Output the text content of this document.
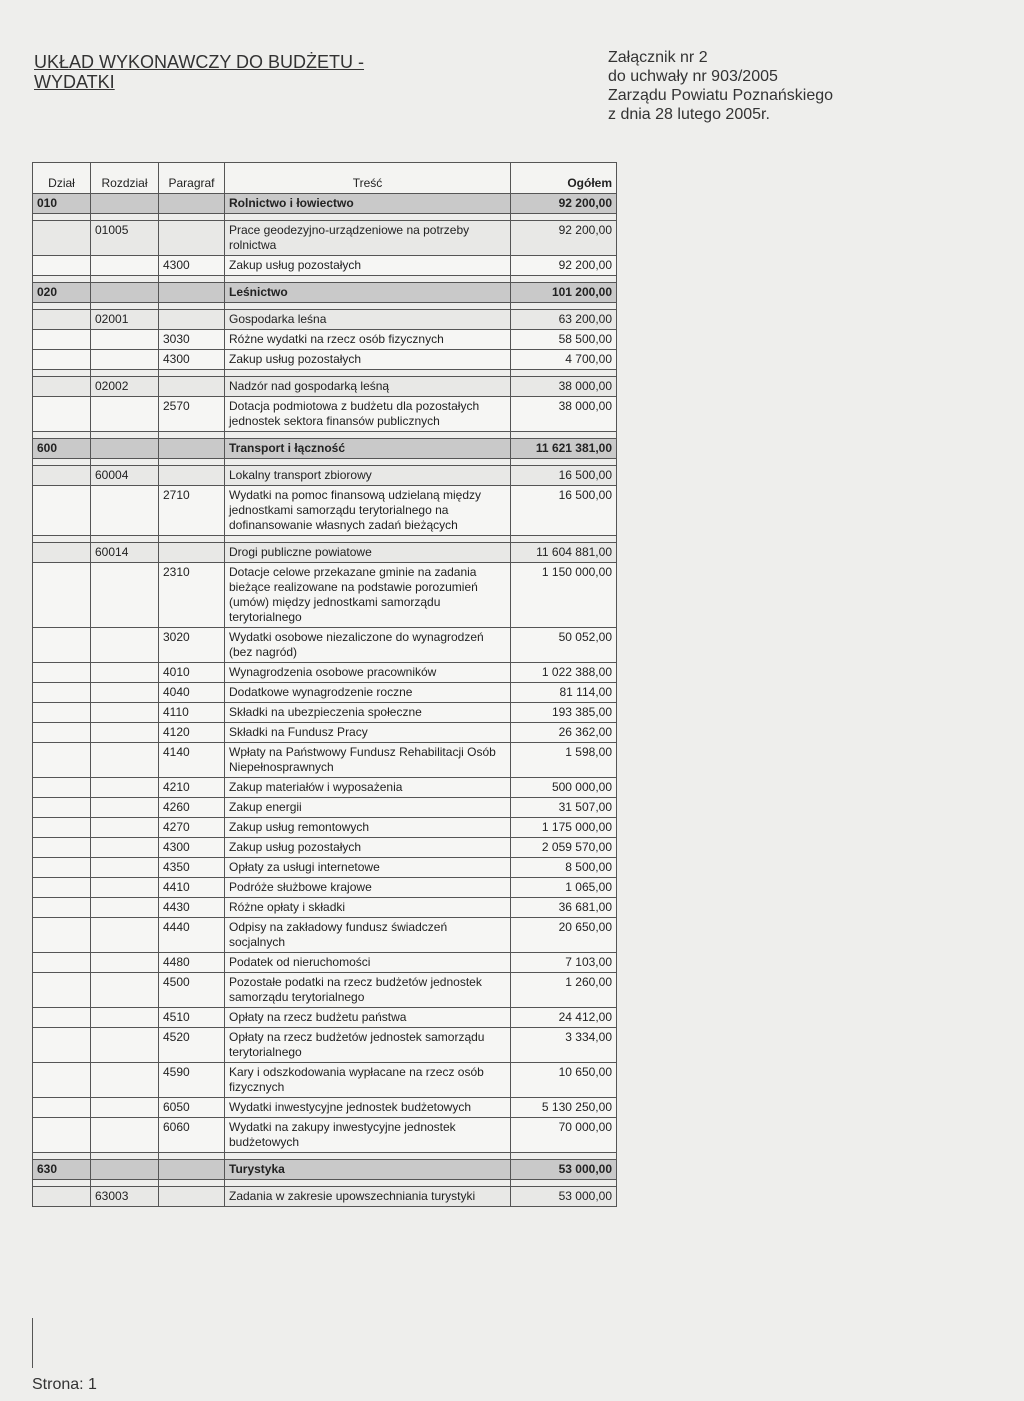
UKŁAD WYKONAWCZY DO BUDŻETU -
WYDATKI
Załącznik nr 2
do uchwały nr 903/2005
Zarządu Powiatu Poznańskiego
z dnia 28 lutego 2005r.
Dział	Rozdział	Paragraf	Treść	Ogółem
010			Rolnictwo i łowiectwo	92 200,00

	01005		Prace geodezyjno-urządzeniowe na potrzeby rolnictwa	92 200,00
		4300	Zakup usług pozostałych	92 200,00

020			Leśnictwo	101 200,00

	02001		Gospodarka leśna	63 200,00
		3030	Różne wydatki na rzecz osób fizycznych	58 500,00
		4300	Zakup usług pozostałych	4 700,00

	02002		Nadzór nad gospodarką leśną	38 000,00
		2570	Dotacja podmiotowa z budżetu dla pozostałych jednostek sektora finansów publicznych	38 000,00

600			Transport i łączność	11 621 381,00

	60004		Lokalny transport zbiorowy	16 500,00
		2710	Wydatki na pomoc finansową udzielaną między jednostkami samorządu terytorialnego na dofinansowanie własnych zadań bieżących	16 500,00

	60014		Drogi publiczne powiatowe	11 604 881,00
		2310	Dotacje celowe przekazane gminie na zadania bieżące realizowane na podstawie porozumień (umów) między jednostkami samorządu terytorialnego	1 150 000,00
		3020	Wydatki osobowe niezaliczone do wynagrodzeń (bez nagród)	50 052,00
		4010	Wynagrodzenia osobowe pracowników	1 022 388,00
		4040	Dodatkowe wynagrodzenie roczne	81 114,00
		4110	Składki na ubezpieczenia społeczne	193 385,00
		4120	Składki na Fundusz Pracy	26 362,00
		4140	Wpłaty na Państwowy Fundusz Rehabilitacji Osób Niepełnosprawnych	1 598,00
		4210	Zakup materiałów i wyposażenia	500 000,00
		4260	Zakup energii	31 507,00
		4270	Zakup usług remontowych	1 175 000,00
		4300	Zakup usług pozostałych	2 059 570,00
		4350	Opłaty za usługi internetowe	8 500,00
		4410	Podróże służbowe krajowe	1 065,00
		4430	Różne opłaty i składki	36 681,00
		4440	Odpisy na zakładowy fundusz świadczeń socjalnych	20 650,00
		4480	Podatek od nieruchomości	7 103,00
		4500	Pozostałe podatki na rzecz budżetów jednostek samorządu terytorialnego	1 260,00
		4510	Opłaty na rzecz budżetu państwa	24 412,00
		4520	Opłaty na rzecz budżetów jednostek samorządu terytorialnego	3 334,00
		4590	Kary i odszkodowania wypłacane na rzecz osób fizycznych	10 650,00
		6050	Wydatki inwestycyjne jednostek budżetowych	5 130 250,00
		6060	Wydatki na zakupy inwestycyjne jednostek budżetowych	70 000,00

630			Turystyka	53 000,00

	63003		Zadania w zakresie upowszechniania turystyki	53 000,00
Strona: 1
